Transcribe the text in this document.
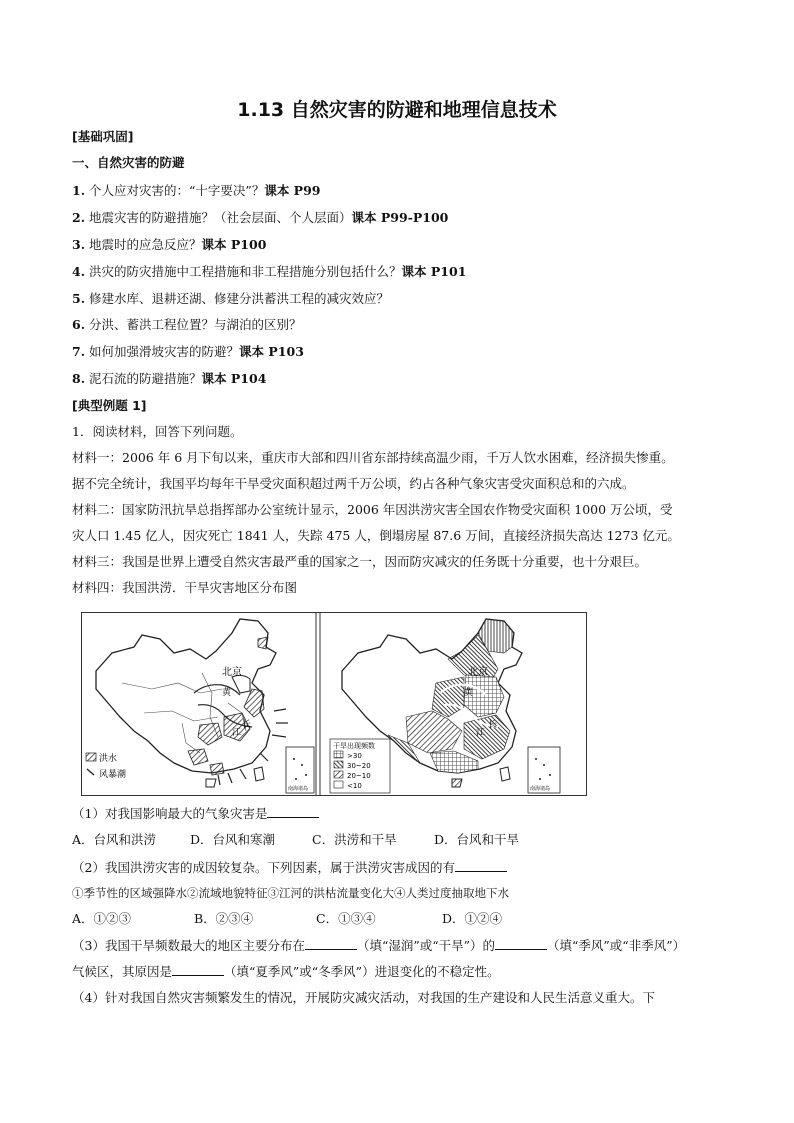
1.13 自然灾害的防避和地理信息技术
[基础巩固]
一、自然灾害的防避
1. 个人应对灾害的：“十字要决”？课本 P99
2. 地震灾害的防避措施？（社会层面、个人层面）课本 P99-P100
3. 地震时的应急反应？课本 P100
4. 洪灾的防灾措施中工程措施和非工程措施分别包括什么？课本 P101
5. 修建水库、退耕还湖、修建分洪蓄洪工程的减灾效应？
6. 分洪、蓄洪工程位置？与湖泊的区别？
7. 如何加强滑坡灾害的防避？课本 P103
8. 泥石流的防避措施？课本 P104
[典型例题 1]
1．阅读材料，回答下列问题。
材料一：2006 年 6 月下旬以来，重庆市大部和四川省东部持续高温少雨，千万人饮水困难，经济损失惨重。
据不完全统计，我国平均每年干旱受灾面积超过两千万公顷，约占各种气象灾害受灾面积总和的六成。
材料二：国家防汛抗旱总指挥部办公室统计显示，2006 年因洪涝灾害全国农作物受灾面积 1000 万公顷，受
灾人口 1.45 亿人，因灾死亡 1841 人，失踪 475 人，倒塌房屋 87.6 万间，直接经济损失高达 1273 亿元。
材料三：我国是世界上遭受自然灾害最严重的国家之一，因而防灾减灾的任务既十分重要，也十分艰巨。
材料四：我国洪涝．干旱灾害地区分布图
南海诸岛
北京
黄
长
江
洪水
风暴潮
南海诸岛
北京
黄
长
江
干旱出现频数
>30
30~20
20~10
<10
（1）对我国影响最大的气象灾害是
A．台风和洪涝	D．台风和寒潮	C．洪涝和干旱	D．台风和干旱
（2）我国洪涝灾害的成因较复杂。下列因素，属于洪涝灾害成因的有
①季节性的区域强降水②流域地貌特征③江河的洪枯流量变化大④人类过度抽取地下水
A．①②③	B．②③④	C．①③④	D．①②④
（3）我国干旱频数最大的地区主要分布在	（填“湿润”或“干旱”）的	（填“季风”或“非季风”）
气候区，其原因是	（填“夏季风”或“冬季风”）进退变化的不稳定性。
（4）针对我国自然灾害频繁发生的情况，开展防灾减灾活动，对我国的生产建设和人民生活意义重大。下
